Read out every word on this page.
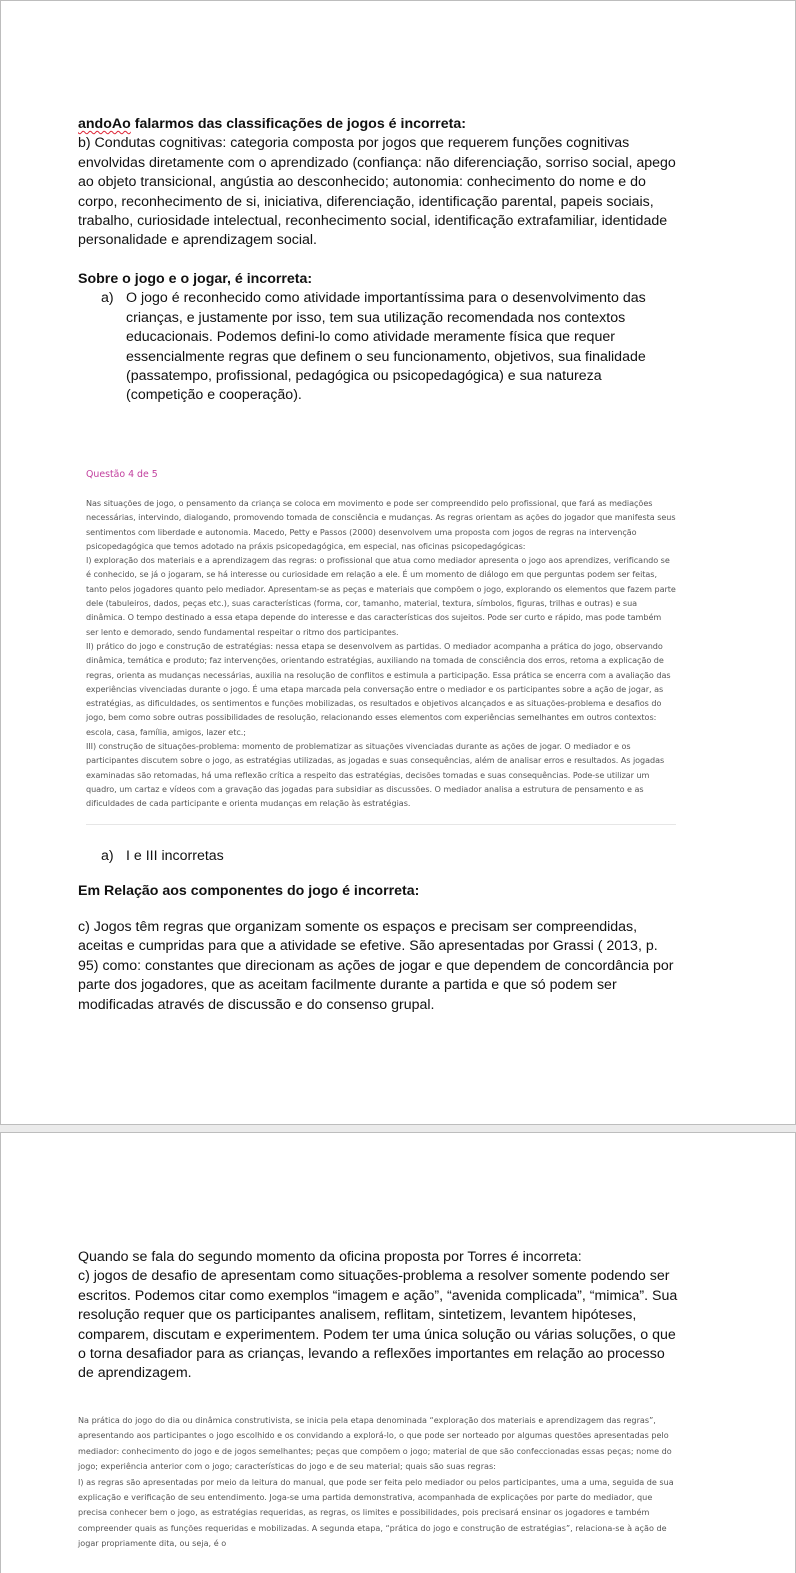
andoAo falarmos das classificações de jogos é incorreta:

b) Condutas cognitivas: categoria composta por jogos que requerem funções cognitivas envolvidas diretamente com o aprendizado (confiança: não diferenciação, sorriso social, apego ao objeto transicional, angústia ao desconhecido; autonomia: conhecimento do nome e do corpo, reconhecimento de si, iniciativa, diferenciação, identificação parental, papeis sociais, trabalho, curiosidade intelectual, reconhecimento social, identificação extrafamiliar, identidade personalidade e aprendizagem social.

Sobre o jogo e o jogar, é incorreta:

a) O jogo é reconhecido como atividade importantíssima para o desenvolvimento das crianças, e justamente por isso, tem sua utilização recomendada nos contextos educacionais. Podemos defini-lo como atividade meramente física que requer essencialmente regras que definem o seu funcionamento, objetivos, sua finalidade (passatempo, profissional, pedagógica ou psicopedagógica) e sua natureza (competição e cooperação).

Questão 4 de 5

Nas situações de jogo, o pensamento da criança se coloca em movimento e pode ser compreendido pelo profissional, que fará as mediações necessárias, intervindo, dialogando, promovendo tomada de consciência e mudanças. As regras orientam as ações do jogador que manifesta seus sentimentos com liberdade e autonomia. Macedo, Petty e Passos (2000) desenvolvem uma proposta com jogos de regras na intervenção psicopedagógica que temos adotado na práxis psicopedagógica, em especial, nas oficinas psicopedagógicas:
I) exploração dos materiais e a aprendizagem das regras: o profissional que atua como mediador apresenta o jogo aos aprendizes, verificando se é conhecido, se já o jogaram, se há interesse ou curiosidade em relação a ele. É um momento de diálogo em que perguntas podem ser feitas, tanto pelos jogadores quanto pelo mediador. Apresentam-se as peças e materiais que compõem o jogo, explorando os elementos que fazem parte dele (tabuleiros, dados, peças etc.), suas características (forma, cor, tamanho, material, textura, símbolos, figuras, trilhas e outras) e sua dinâmica. O tempo destinado a essa etapa depende do interesse e das características dos sujeitos. Pode ser curto e rápido, mas pode também ser lento e demorado, sendo fundamental respeitar o ritmo dos participantes.
II) prático do jogo e construção de estratégias: nessa etapa se desenvolvem as partidas. O mediador acompanha a prática do jogo, observando dinâmica, temática e produto; faz intervenções, orientando estratégias, auxiliando na tomada de consciência dos erros, retoma a explicação de regras, orienta as mudanças necessárias, auxilia na resolução de conflitos e estimula a participação. Essa prática se encerra com a avaliação das experiências vivenciadas durante o jogo. É uma etapa marcada pela conversação entre o mediador e os participantes sobre a ação de jogar, as estratégias, as dificuldades, os sentimentos e funções mobilizadas, os resultados e objetivos alcançados e as situações-problema e desafios do jogo, bem como sobre outras possibilidades de resolução, relacionando esses elementos com experiências semelhantes em outros contextos: escola, casa, família, amigos, lazer etc.;
III) construção de situações-problema: momento de problematizar as situações vivenciadas durante as ações de jogar. O mediador e os participantes discutem sobre o jogo, as estratégias utilizadas, as jogadas e suas consequências, além de analisar erros e resultados. As jogadas examinadas são retomadas, há uma reflexão crítica a respeito das estratégias, decisões tomadas e suas consequências. Pode-se utilizar um quadro, um cartaz e vídeos com a gravação das jogadas para subsidiar as discussões. O mediador analisa a estrutura de pensamento e as dificuldades de cada participante e orienta mudanças em relação às estratégias.

a) I e III incorretas

Em Relação aos componentes do jogo é incorreta:

c) Jogos têm regras que organizam somente os espaços e precisam ser compreendidas, aceitas e cumpridas para que a atividade se efetive. São apresentadas por Grassi ( 2013, p. 95) como: constantes que direcionam as ações de jogar e que dependem de concordância por parte dos jogadores, que as aceitam facilmente durante a partida e que só podem ser modificadas através de discussão e do consenso grupal.

Quando se fala do segundo momento da oficina proposta por Torres é incorreta:

c) jogos de desafio de apresentam como situações-problema a resolver somente podendo ser escritos. Podemos citar como exemplos “imagem e ação”, “avenida complicada”, “mimica”. Sua resolução requer que os participantes analisem, reflitam, sintetizem, levantem hipóteses, comparem, discutam e experimentem. Podem ter uma única solução ou várias soluções, o que o torna desafiador para as crianças, levando a reflexões importantes em relação ao processo de aprendizagem.

Na prática do jogo do dia ou dinâmica construtivista, se inicia pela etapa denominada “exploração dos materiais e aprendizagem das regras”, apresentando aos participantes o jogo escolhido e os convidando a explorá-lo, o que pode ser norteado por algumas questões apresentadas pelo mediador: conhecimento do jogo e de jogos semelhantes; peças que compõem o jogo; material de que são confeccionadas essas peças; nome do jogo; experiência anterior com o jogo; características do jogo e de seu material; quais são suas regras:
I) as regras são apresentadas por meio da leitura do manual, que pode ser feita pelo mediador ou pelos participantes, uma a uma, seguida de sua explicação e verificação de seu entendimento. Joga-se uma partida demonstrativa, acompanhada de explicações por parte do mediador, que precisa conhecer bem o jogo, as estratégias requeridas, as regras, os limites e possibilidades, pois precisará ensinar os jogadores e também compreender quais as funções requeridas e mobilizadas. A segunda etapa, “prática do jogo e construção de estratégias”, relaciona-se à ação de jogar propriamente dita, ou seja, é o
